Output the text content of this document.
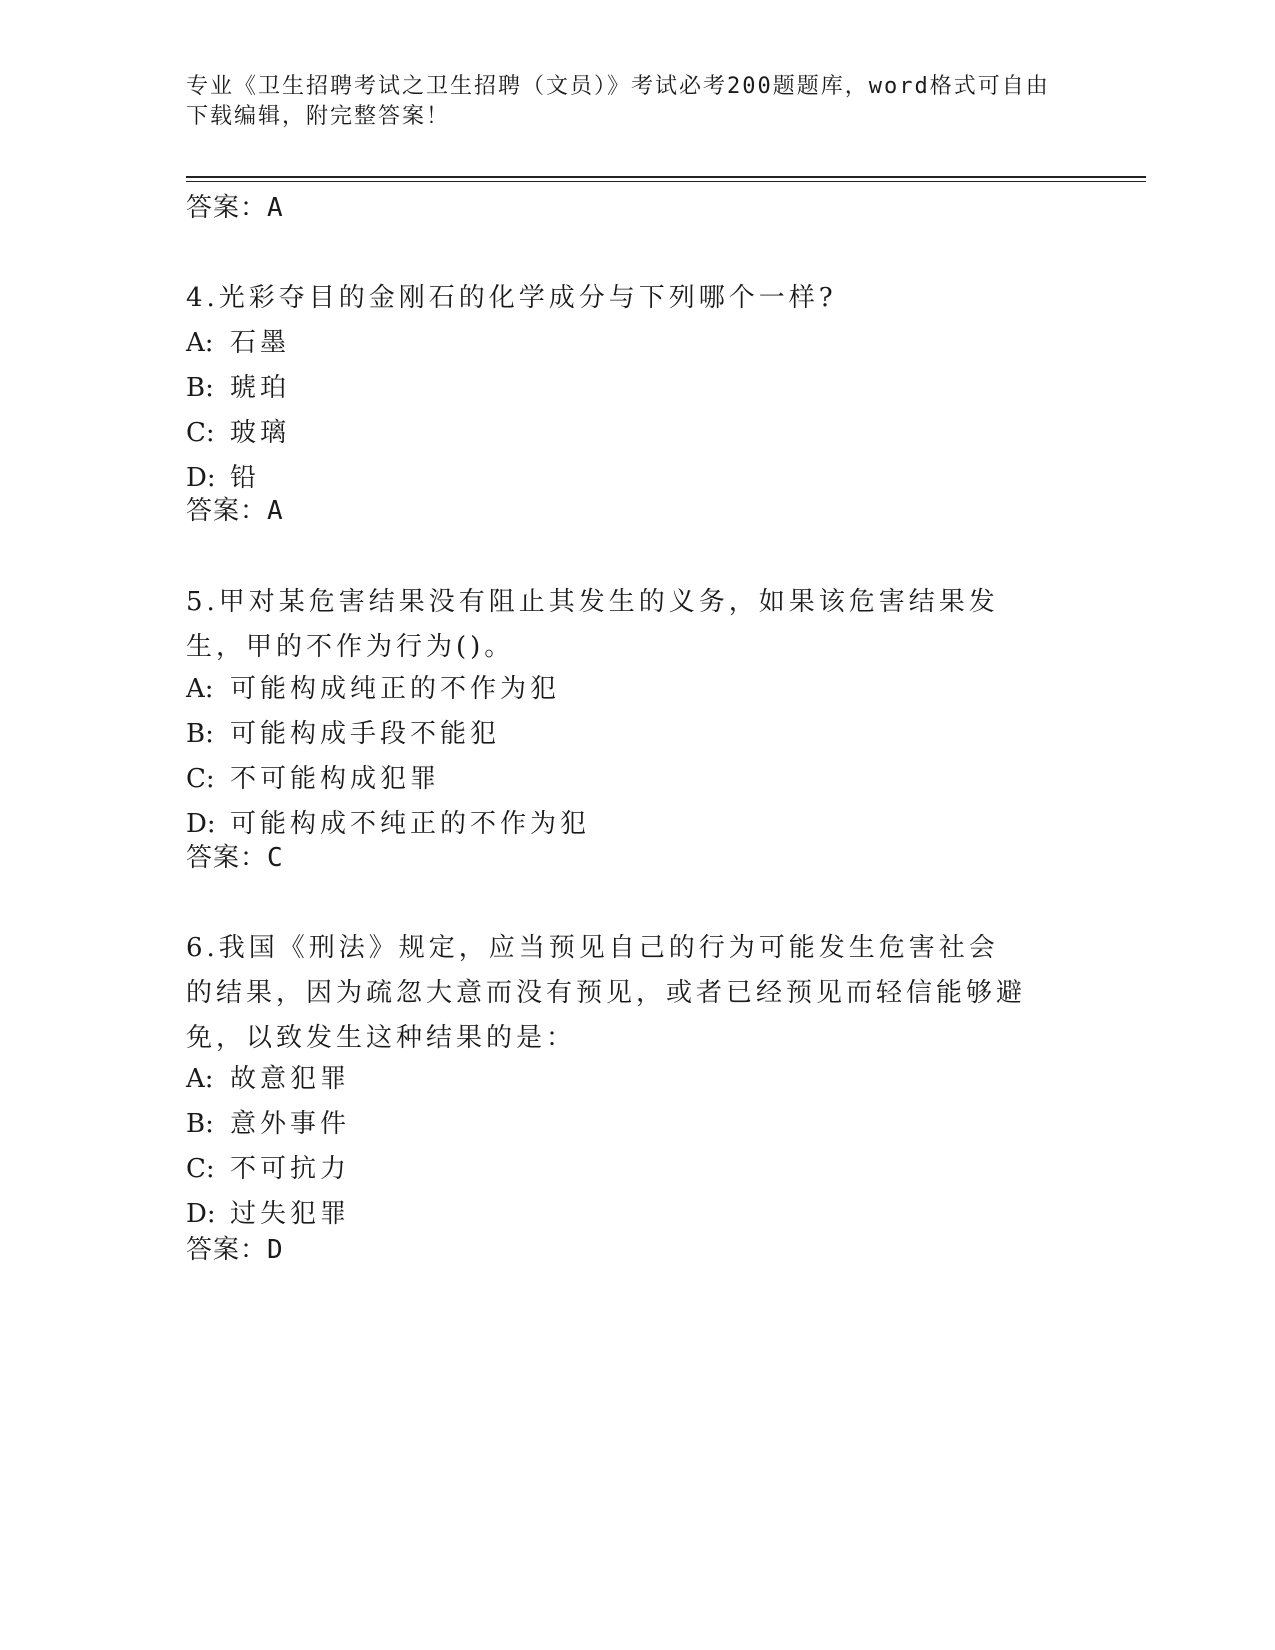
专业《卫生招聘考试之卫生招聘（文员）》考试必考200题题库，word格式可自由下载编辑，附完整答案！
答案：A
4.光彩夺目的金刚石的化学成分与下列哪个一样?
A: 石墨
B: 琥珀
C: 玻璃
D: 铅
答案：A
5.甲对某危害结果没有阻止其发生的义务，如果该危害结果发生，甲的不作为行为()。
A: 可能构成纯正的不作为犯
B: 可能构成手段不能犯
C: 不可能构成犯罪
D: 可能构成不纯正的不作为犯
答案：C
6.我国《刑法》规定，应当预见自己的行为可能发生危害社会的结果，因为疏忽大意而没有预见，或者已经预见而轻信能够避免，以致发生这种结果的是：
A: 故意犯罪
B: 意外事件
C: 不可抗力
D: 过失犯罪
答案：D
